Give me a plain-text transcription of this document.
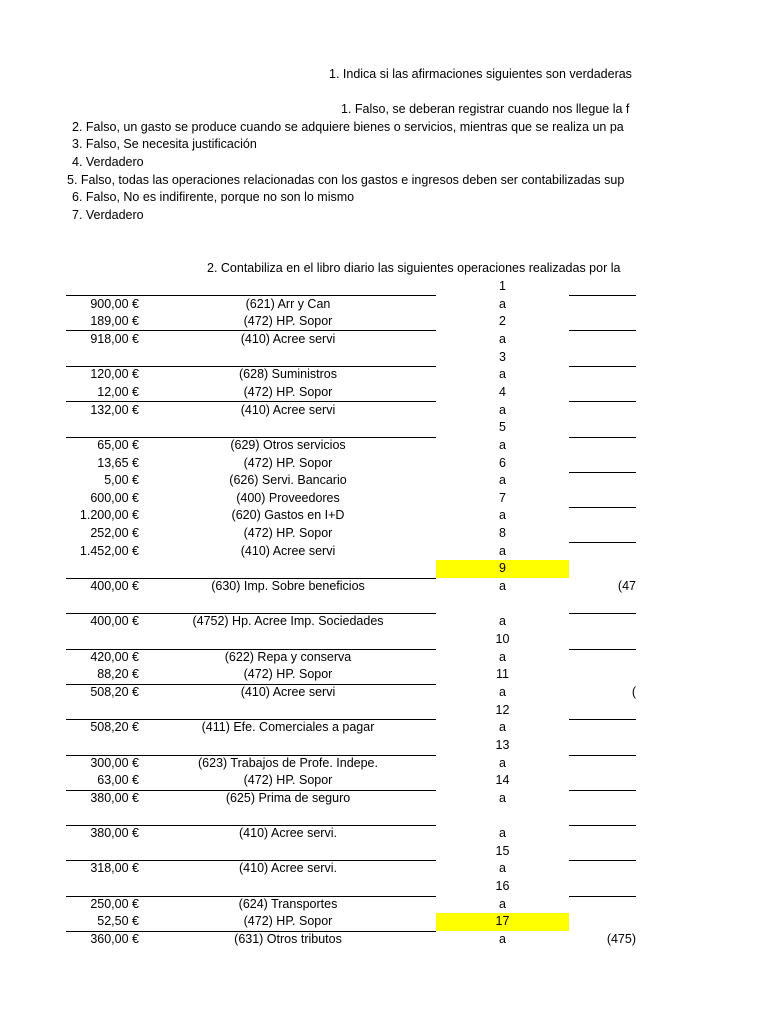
1. Indica si las afirmaciones siguientes son verdaderas
1. Falso, se deberan registrar cuando nos llegue la f
2. Falso, un gasto se produce cuando se adquiere bienes o servicios, mientras que se realiza un pa
3. Falso, Se necesita justificación
4. Verdadero
5. Falso, todas las operaciones relacionadas con los gastos e ingresos deben ser contabilizadas sup
6. Falso, No es indifirente, porque no son lo mismo
7. Verdadero
2. Contabiliza en el libro diario las siguientes operaciones realizadas por la
1
900,00 €	(621) Arr y Can	a
189,00 €	(472) HP. Sopor	2
918,00 €	(410) Acree servi	a
3
120,00 €	(628) Suministros	a
12,00 €	(472) HP. Sopor	4
132,00 €	(410) Acree servi	a
5
65,00 €	(629) Otros servicios	a
13,65 €	(472) HP. Sopor	6
5,00 €	(626) Servi. Bancario	a
600,00 €	(400) Proveedores	7
1.200,00 €	(620) Gastos en I+D	a
252,00 €	(472) HP. Sopor	8
1.452,00 €	(410) Acree servi	a
9
400,00 €	(630) Imp. Sobre beneficios	a	(47
400,00 €	(4752) Hp. Acree Imp. Sociedades	a
10
420,00 €	(622) Repa y conserva	a
88,20 €	(472) HP. Sopor	11
508,20 €	(410) Acree servi	a	(
12
508,20 €	(411) Efe. Comerciales a pagar	a
13
300,00 €	(623) Trabajos de Profe. Indepe.	a
63,00 €	(472) HP. Sopor	14
380,00 €	(625) Prima de seguro	a
380,00 €	(410) Acree servi.	a
15
318,00 €	(410) Acree servi.	a
16
250,00 €	(624) Transportes	a
52,50 €	(472) HP. Sopor	17
360,00 €	(631) Otros tributos	a	(475)
